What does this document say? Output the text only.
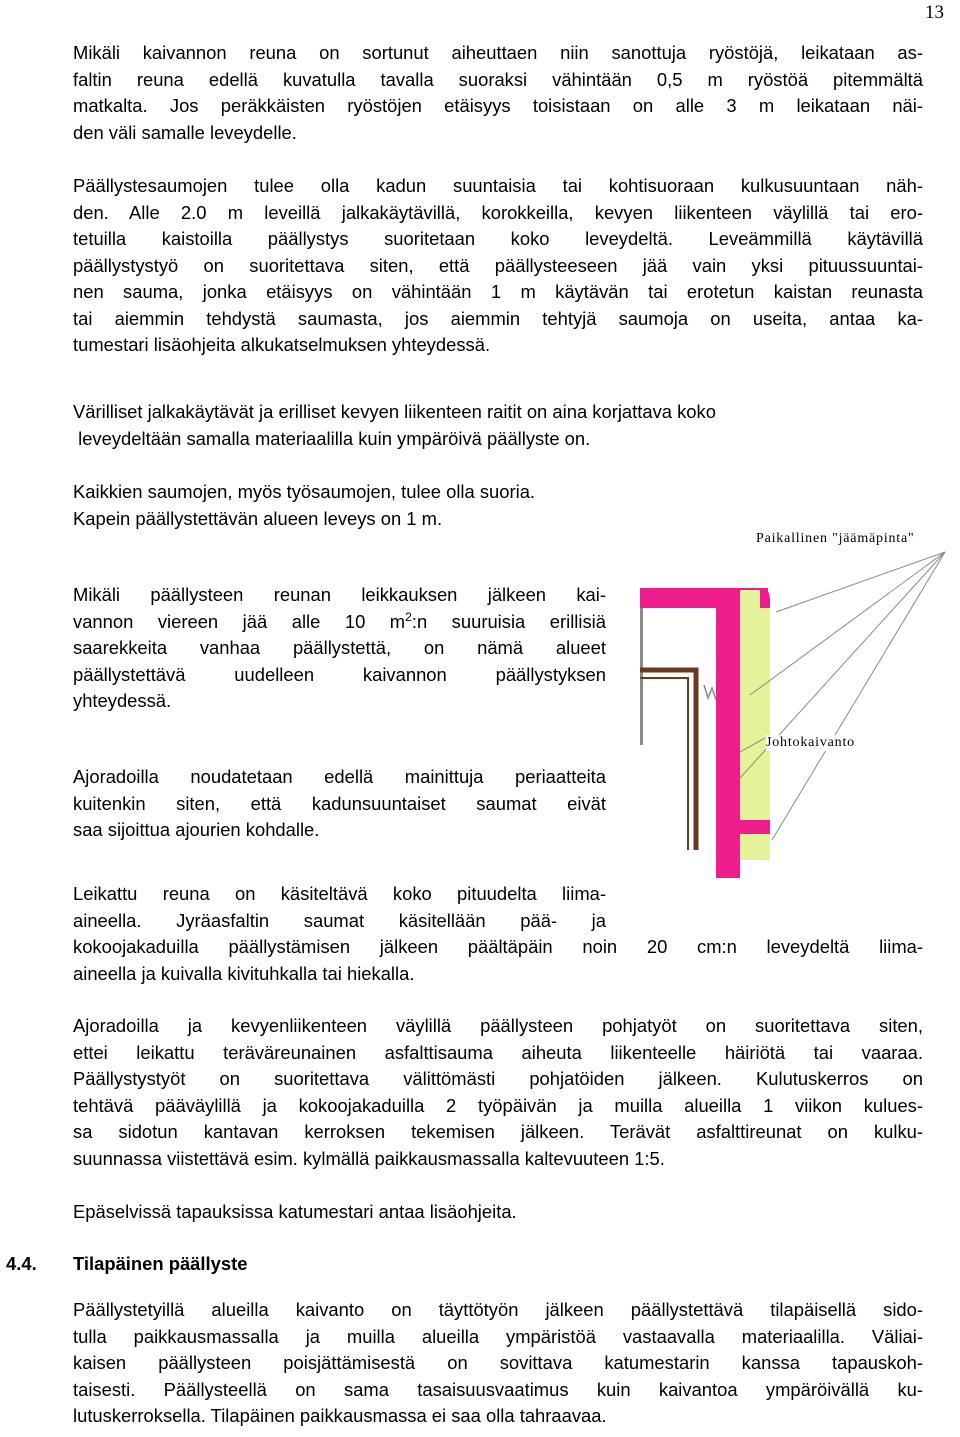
13
Mikäli kaivannon reuna on sortunut aiheuttaen niin sanottuja ryöstöjä, leikataan as-
faltin reuna edellä kuvatulla tavalla suoraksi vähintään 0,5 m ryöstöä pitemmältä
matkalta. Jos peräkkäisten ryöstöjen etäisyys toisistaan on alle 3 m leikataan näi-
den väli samalle leveydelle.
Päällystesaumojen tulee olla kadun suuntaisia tai kohtisuoraan kulkusuuntaan näh-
den. Alle 2.0 m leveillä jalkakäytävillä, korokkeilla, kevyen liikenteen väylillä tai ero-
tetuilla kaistoilla päällystys suoritetaan koko leveydeltä. Leveämmillä käytävillä
päällystystyö on suoritettava siten, että päällysteeseen jää vain yksi pituussuuntai-
nen sauma, jonka etäisyys on vähintään 1 m käytävän tai erotetun kaistan reunasta
tai aiemmin tehdystä saumasta, jos aiemmin tehtyjä saumoja on useita, antaa ka-
tumestari lisäohjeita alkukatselmuksen yhteydessä.
Värilliset jalkakäytävät ja erilliset kevyen liikenteen raitit on aina korjattava koko
leveydeltään samalla materiaalilla kuin ympäröivä päällyste on.
Kaikkien saumojen, myös työsaumojen, tulee olla suoria.
Kapein päällystettävän alueen leveys on 1 m.
Mikäli päällysteen reunan leikkauksen jälkeen kai-
vannon viereen jää alle 10 $m^2:n$ suuruisia erillisiä
saarekkeita vanhaa päällystettä, on nämä alueet
päällystettävä uudelleen kaivannon päällystyksen
yhteydessä.
Ajoradoilla noudatetaan edellä mainittuja periaatteita
kuitenkin siten, että kadunsuuntaiset saumat eivät
saa sijoittua ajourien kohdalle.
Leikattu reuna on käsiteltävä koko pituudelta liima-
aineella. Jyräasfaltin saumat käsitellään pää- ja
kokoojakaduilla päällystämisen jälkeen päältäpäin noin 20 cm:n leveydeltä liima-
aineella ja kuivalla kivituhkalla tai hiekalla.
Ajoradoilla ja kevyenliikenteen väylillä päällysteen pohjatyöt on suoritettava siten,
ettei leikattu teräväreunainen asfalttisauma aiheuta liikenteelle häiriötä tai vaaraa.
Päällystystyöt on suoritettava välittömästi pohjatöiden jälkeen. Kulutuskerros on
tehtävä pääväylillä ja kokoojakaduilla 2 työpäivän ja muilla alueilla 1 viikon kulues-
sa sidotun kantavan kerroksen tekemisen jälkeen. Terävät asfalttireunat on kulku-
suunnassa viistettävä esim. kylmällä paikkausmassalla kaltevuuteen 1:5.
Epäselvissä tapauksissa katumestari antaa lisäohjeita.
4.4. Tilapäinen päällyste
Päällystetyillä alueilla kaivanto on täyttötyön jälkeen päällystettävä tilapäisellä sido-
tulla paikkausmassalla ja muilla alueilla ympäristöä vastaavalla materiaalilla. Väliai-
kaisen päällysteen poisjättämisestä on sovittava katumestarin kanssa tapauskoh-
taisesti. Päällysteellä on sama tasaisuusvaatimus kuin kaivantoa ympäröivällä ku-
lutuskerroksella. Tilapäinen paikkausmassa ei saa olla tahraavaa.
Paikallinen "jäämäpinta"
Johtokaivanto
